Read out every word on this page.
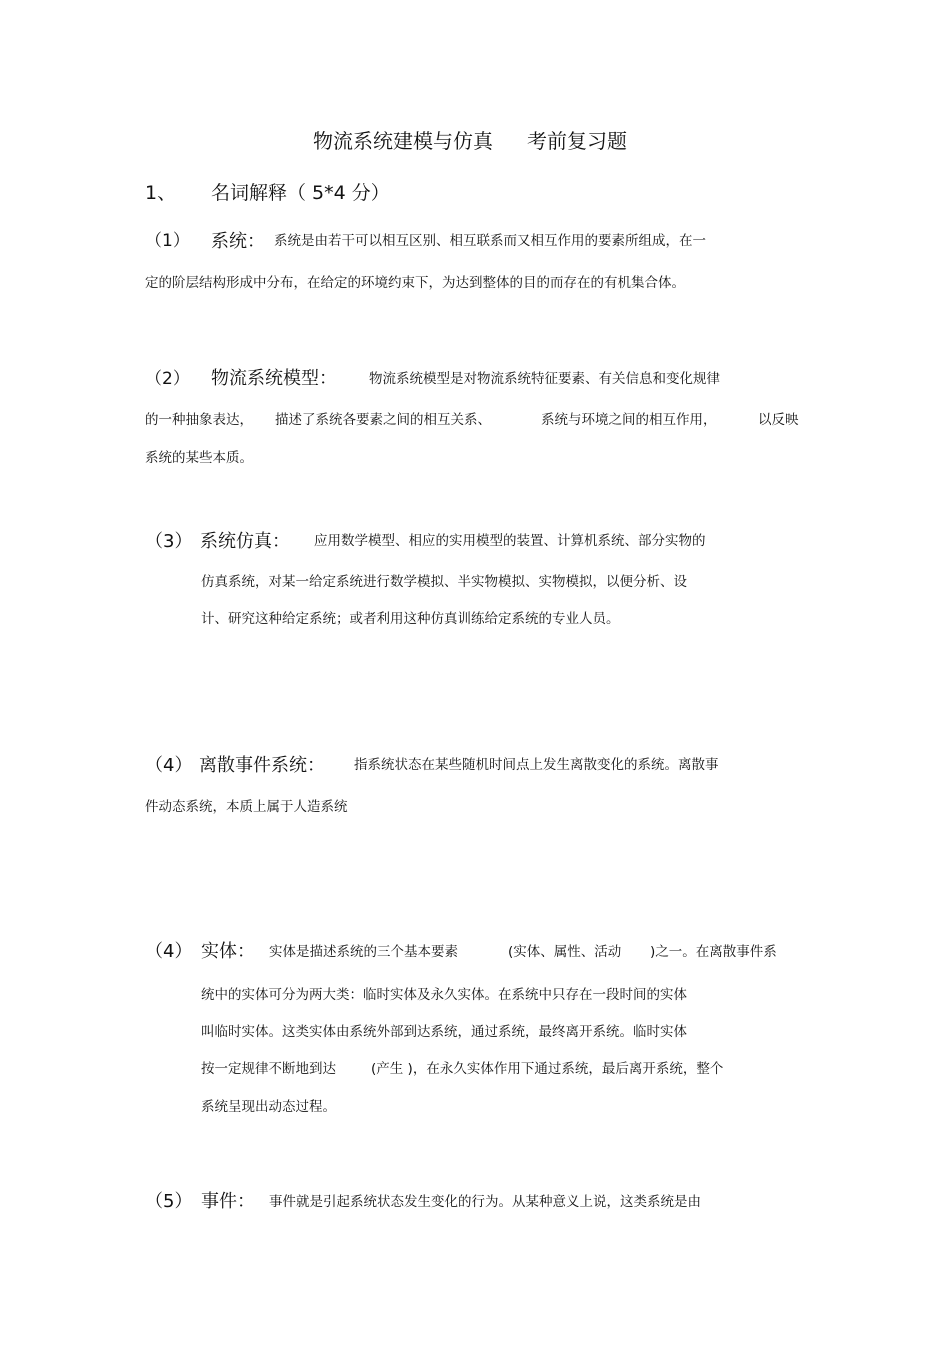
物流系统建模与仿真 考前复习题
1、 名词解释（ 5*4 分）
（1） 系统： 系统是由若干可以相互区别、相互联系而又相互作用的要素所组成，在一
定的阶层结构形成中分布，在给定的环境约束下，为达到整体的目的而存在的有机集合体。
（2） 物流系统模型： 物流系统模型是对物流系统特征要素、有关信息和变化规律
的一种抽象表达， 描述了系统各要素之间的相互关系、	系统与环境之间的相互作用，	以反映
系统的某些本质。
（3） 系统仿真： 应用数学模型、相应的实用模型的装置、计算机系统、部分实物的
仿真系统，对某一给定系统进行数学模拟、半实物模拟、实物模拟，以便分析、设
计、研究这种给定系统；或者利用这种仿真训练给定系统的专业人员。
（4） 离散事件系统： 指系统状态在某些随机时间点上发生离散变化的系统。离散事
件动态系统，本质上属于人造系统
（4） 实体： 实体是描述系统的三个基本要素	(实体、属性、活动 )之一。在离散事件系
统中的实体可分为两大类：临时实体及永久实体。在系统中只存在一段时间的实体
叫临时实体。这类实体由系统外部到达系统，通过系统，最终离开系统。临时实体
按一定规律不断地到达	(产生 )，在永久实体作用下通过系统，最后离开系统，整个
系统呈现出动态过程。
（5） 事件： 事件就是引起系统状态发生变化的行为。从某种意义上说，这类系统是由
